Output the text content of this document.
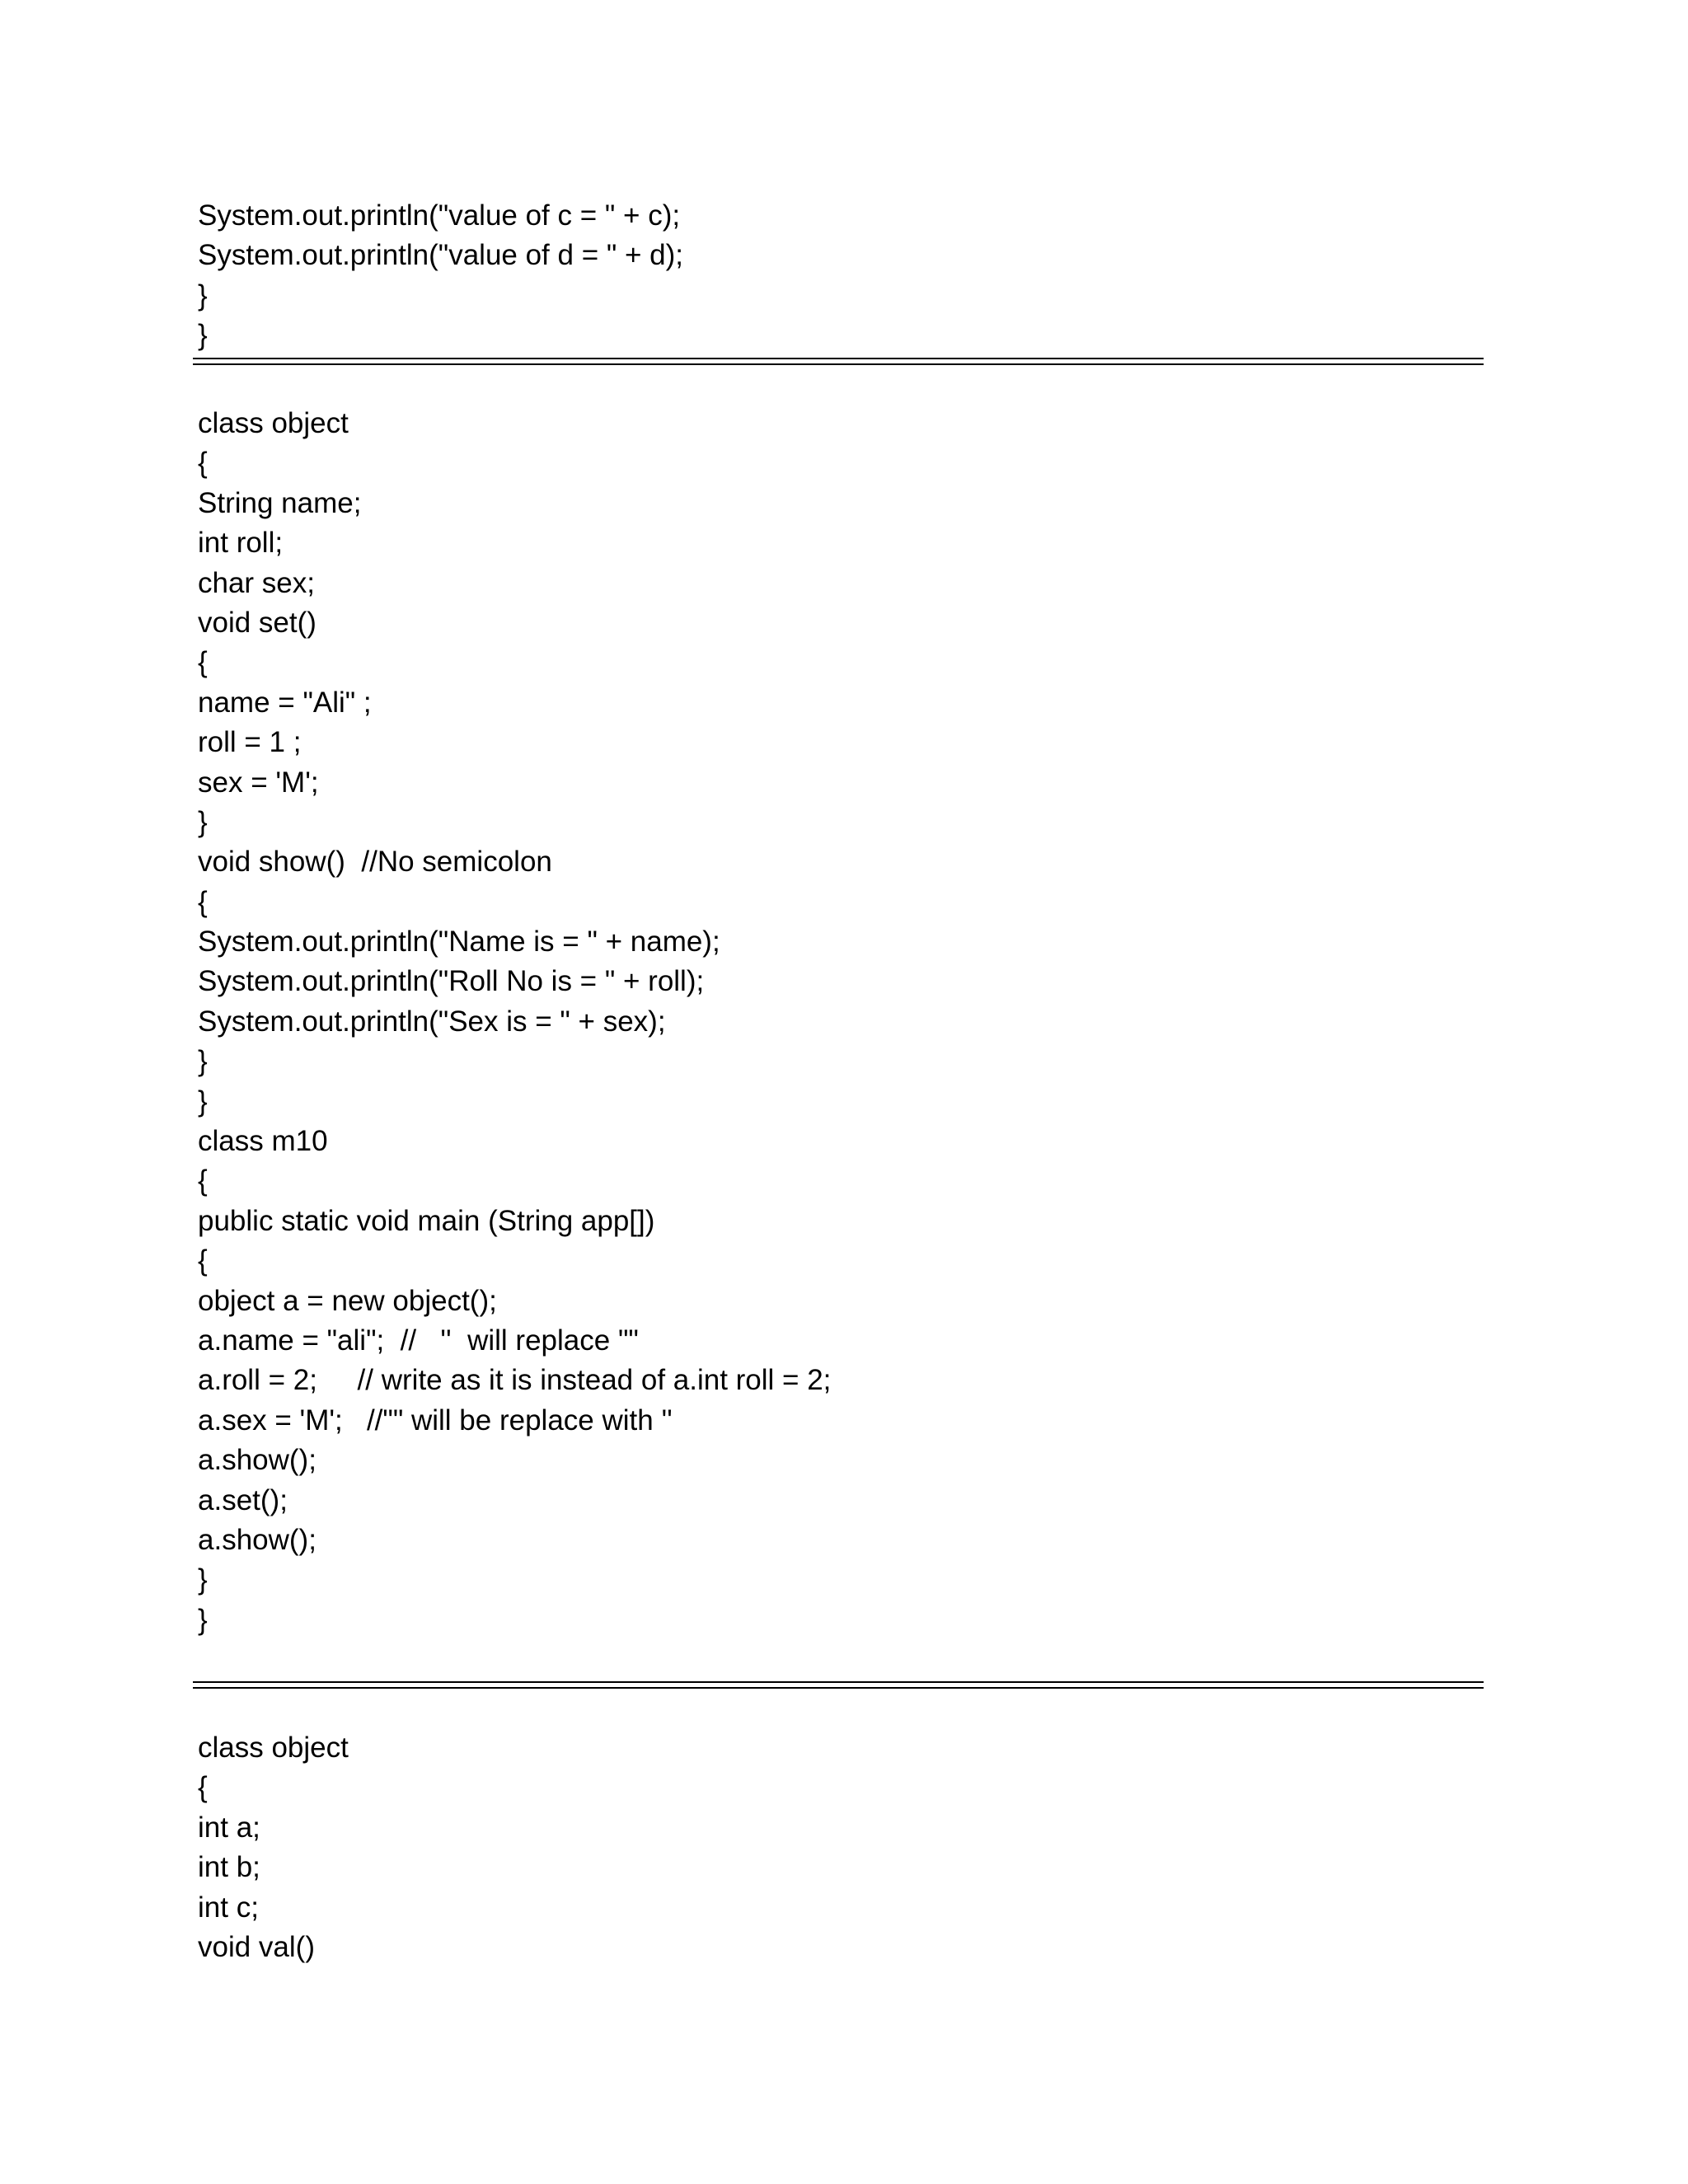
System.out.println("value of c = " + c);
System.out.println("value of d = " + d);
}
}
class object
{
String name;
int roll;
char sex;
void set()
{
name = "Ali" ;
roll = 1 ;
sex = 'M';
}
void show()  //No semicolon
{
System.out.println("Name is = " + name);
System.out.println("Roll No is = " + roll);
System.out.println("Sex is = " + sex);
}
}
class m10
{
public static void main (String app[])
{
object a = new object();
a.name = "ali";  //   ''  will replace ""
a.roll = 2;     // write as it is instead of a.int roll = 2;
a.sex = 'M';   //"" will be replace with ''
a.show();
a.set();
a.show();
}
}
class object
{
int a;
int b;
int c;
void val()
